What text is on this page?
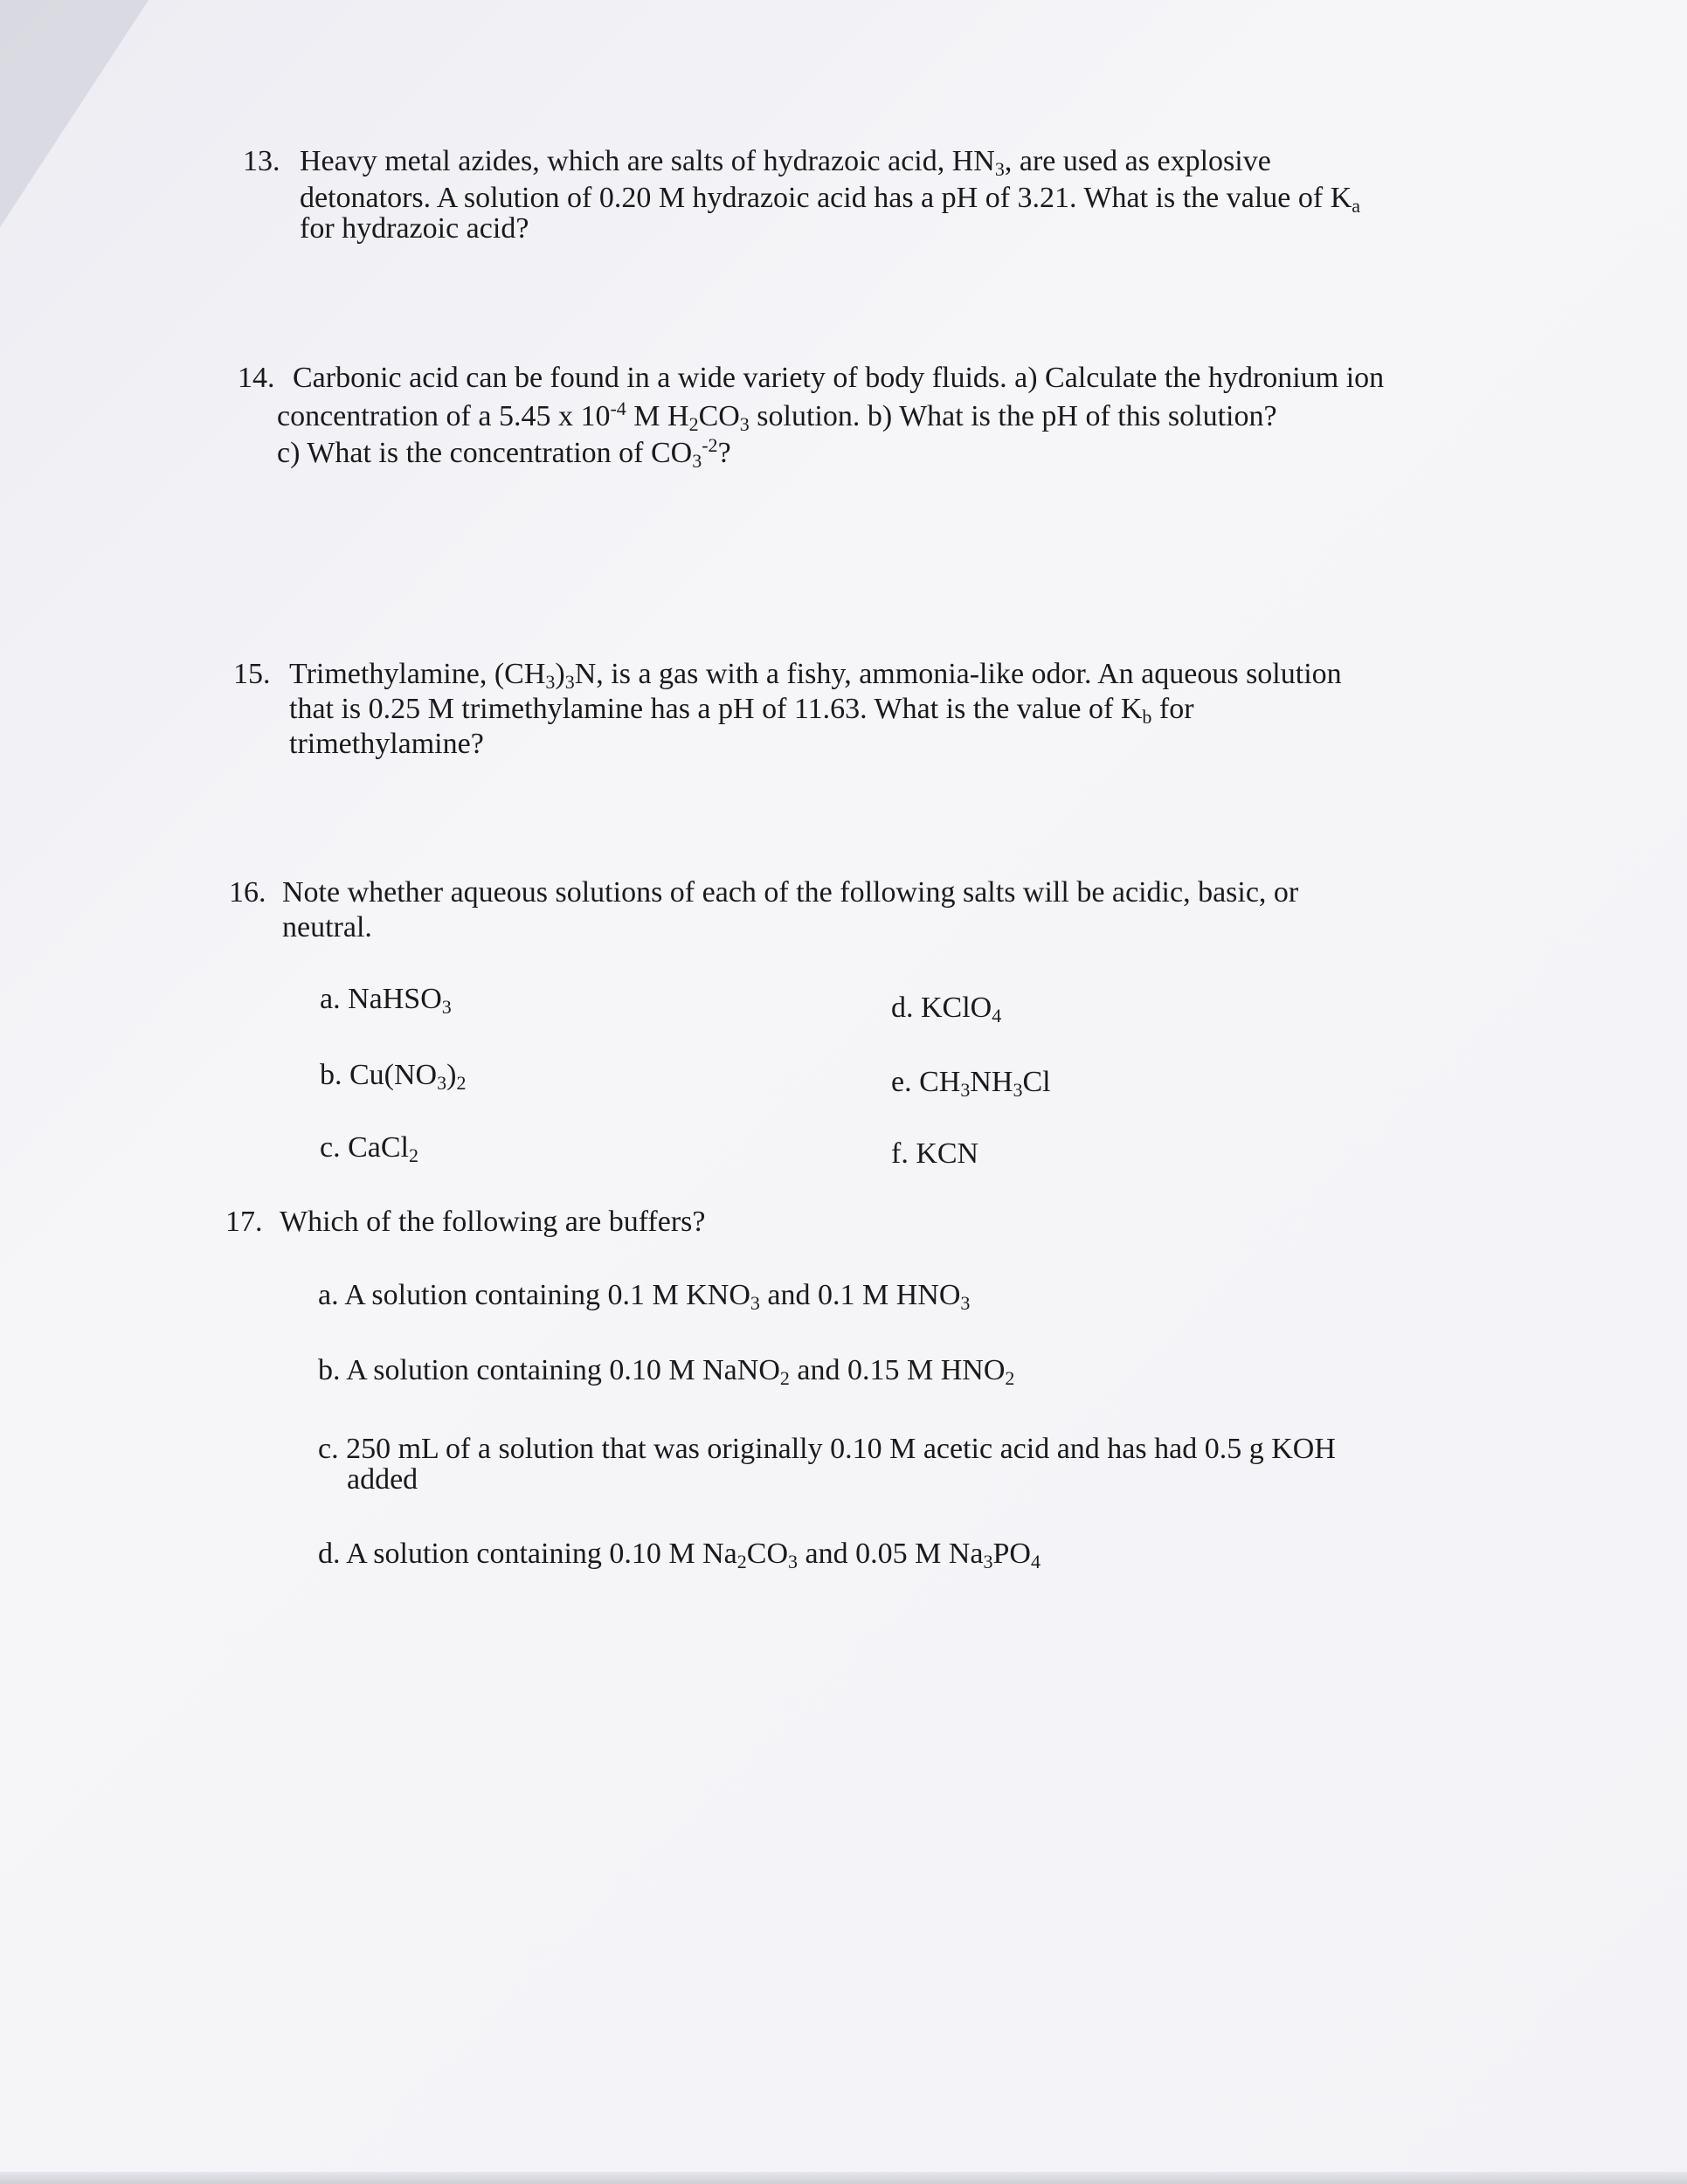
13. Heavy metal azides, which are salts of hydrazoic acid, $HN_3$, are used as explosive
detonators. A solution of 0.20 M hydrazoic acid has a pH of 3.21. What is the value of $K_a$
for hydrazoic acid?
14. Carbonic acid can be found in a wide variety of body fluids. a) Calculate the hydronium ion
concentration of a 5.45 x $10^{-4}$ M $H_2CO_3$ solution. b) What is the pH of this solution?
c) What is the concentration of $CO_3^{-2}$?
15. Trimethylamine, $(CH_3)_3N$, is a gas with a fishy, ammonia-like odor. An aqueous solution
that is 0.25 M trimethylamine has a pH of 11.63. What is the value of $K_b$ for
trimethylamine?
16. Note whether aqueous solutions of each of the following salts will be acidic, basic, or
neutral.
a. NaHSO$_3$
b. $Cu(NO_3)_2$
c. CaCl$_2$
d. KClO$_4$
e. $CH_3NH_3Cl$
f. KCN
17. Which of the following are buffers?
a. A solution containing 0.1 M $KNO_3$ and 0.1 M $HNO_3$
b. A solution containing 0.10 M NaNO$_2$ and 0.15 M $HNO_2$
c. 250 mL of a solution that was originally 0.10 M acetic acid and has had 0.5 g KOH
added
d. A solution containing 0.10 M $Na_2CO_3$ and 0.05 M $Na_3PO_4$
